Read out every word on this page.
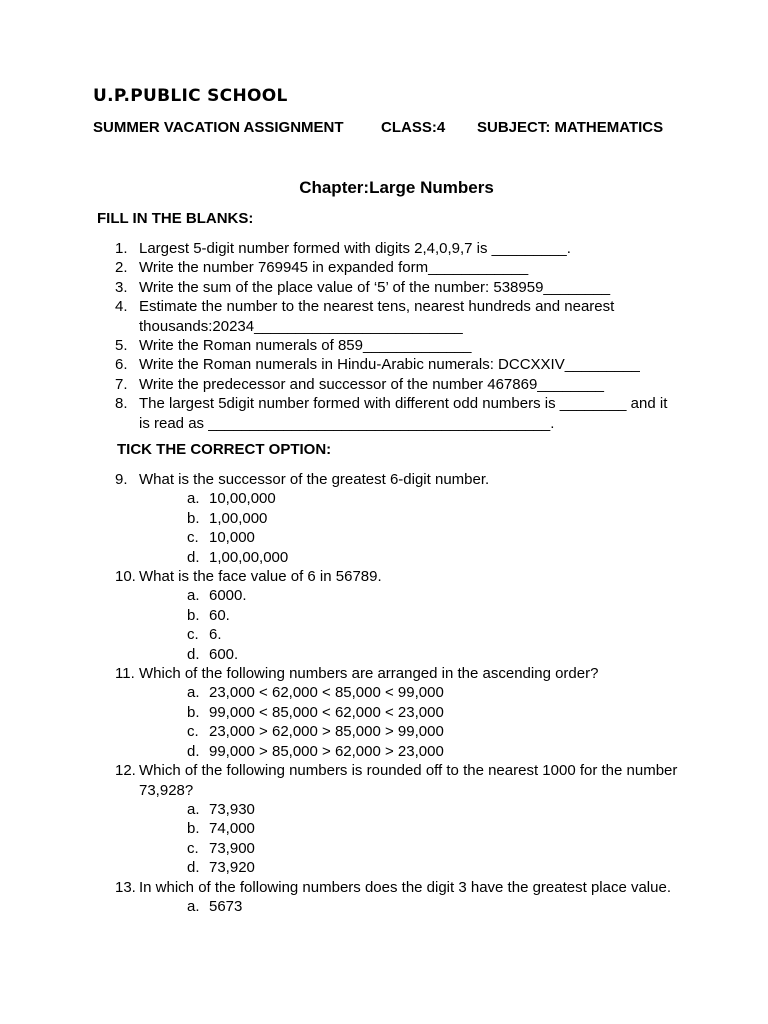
U.P.PUBLIC SCHOOL
SUMMER VACATION ASSIGNMENT CLASS:4 SUBJECT: MATHEMATICS
Chapter:Large Numbers
FILL IN THE BLANKS:
1. Largest 5-digit number formed with digits 2,4,0,9,7 is _________.
2. Write the number 769945 in expanded form____________
3. Write the sum of the place value of ‘5’ of the number: 538959________
4. Estimate the number to the nearest tens, nearest hundreds and nearest thousands:20234_________________________
5. Write the Roman numerals of 859_____________
6. Write the Roman numerals in Hindu-Arabic numerals: DCCXXIV_________
7. Write the predecessor and successor of the number 467869________
8. The largest 5digit number formed with different odd numbers is ________ and it is read as _________________________________________.
TICK THE CORRECT OPTION:
9. What is the successor of the greatest 6-digit number.
a. 10,00,000
b. 1,00,000
c. 10,000
d. 1,00,00,000
10. What is the face value of 6 in 56789.
a. 6000.
b. 60.
c. 6.
d. 600.
11. Which of the following numbers are arranged in the ascending order?
a. 23,000 < 62,000 < 85,000 < 99,000
b. 99,000 < 85,000 < 62,000 < 23,000
c. 23,000 > 62,000 > 85,000 > 99,000
d. 99,000 > 85,000 > 62,000 > 23,000
12. Which of the following numbers is rounded off to the nearest 1000 for the number 73,928?
a. 73,930
b. 74,000
c. 73,900
d. 73,920
13. In which of the following numbers does the digit 3 have the greatest place value.
a. 5673
